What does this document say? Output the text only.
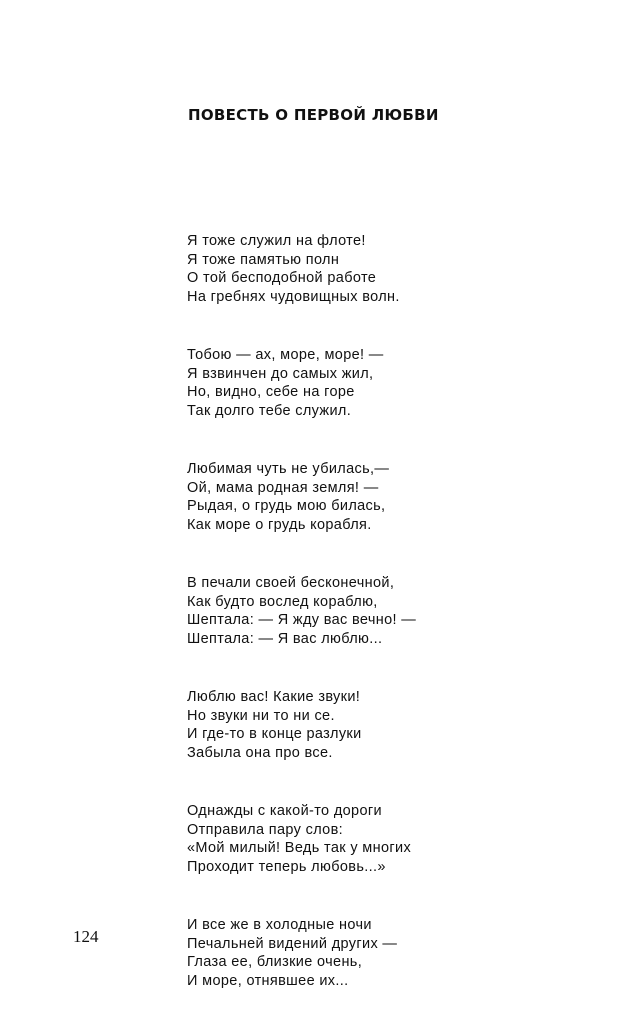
ПОВЕСТЬ О ПЕРВОЙ ЛЮБВИ
Я тоже служил на флоте!
Я тоже памятью полн
О той бесподобной работе
На гребнях чудовищных волн.
Тобою — ах, море, море! —
Я взвинчен до самых жил,
Но, видно, себе на горе
Так долго тебе служил.
Любимая чуть не убилась,—
Ой, мама родная земля! —
Рыдая, о грудь мою билась,
Как море о грудь корабля.
В печали своей бесконечной,
Как будто вослед кораблю,
Шептала: — Я жду вас вечно! —
Шептала: — Я вас люблю...
Люблю вас! Какие звуки!
Но звуки ни то ни се.
И где-то в конце разлуки
Забыла она про все.
Однажды с какой-то дороги
Отправила пару слов:
«Мой милый! Ведь так у многих
Проходит теперь любовь...»
И все же в холодные ночи
Печальней видений других —
Глаза ее, близкие очень,
И море, отнявшее их...

124
